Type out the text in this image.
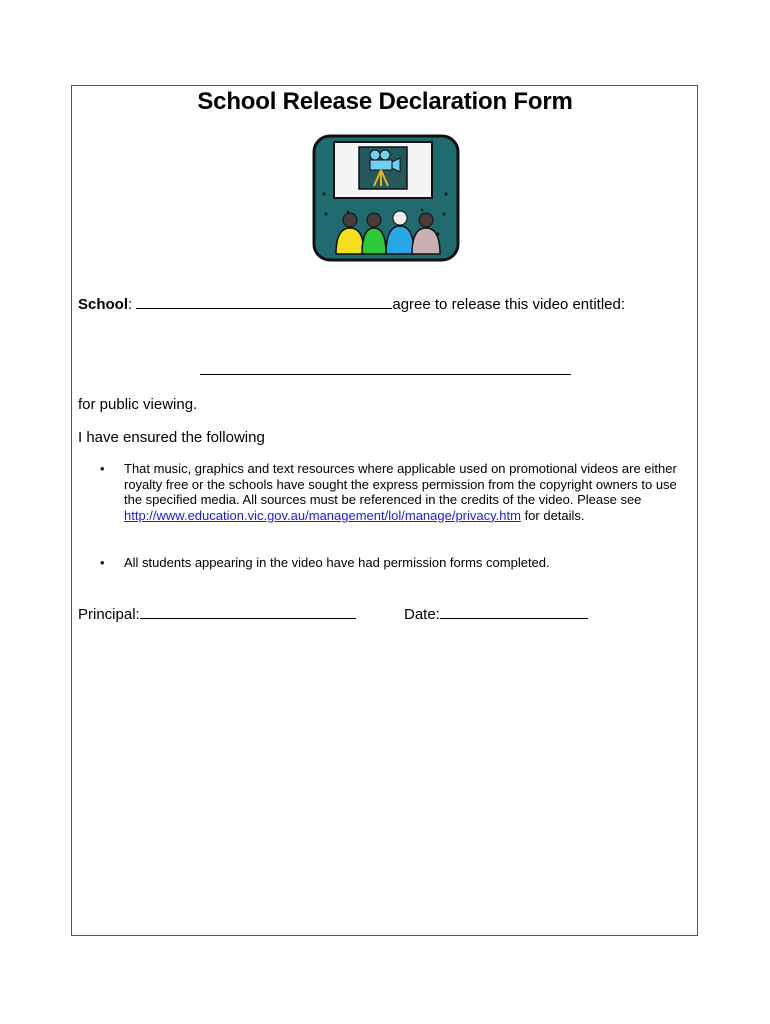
School Release Declaration Form
School:	agree to release this video entitled:
for public viewing.
I have ensured the following
• That music, graphics and text resources where applicable used on promotional videos are either royalty free or the schools have sought the express permission from the copyright owners to use the specified media. All sources must be referenced in the credits of the video. Please see http://www.education.vic.gov.au/management/lol/manage/privacy.htm for details.
• All students appearing in the video have had permission forms completed.
Principal:	Date:
